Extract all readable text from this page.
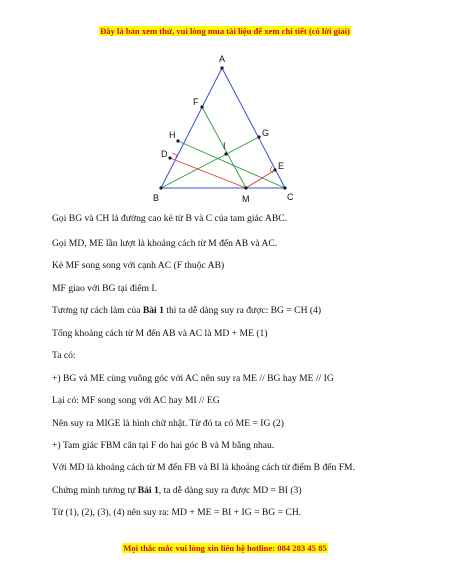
Đây là bản xem thử, vui lòng mua tài liệu để xem chi tiết (có lời giải)
A
B	C
M
F
H	G
D
E
I
Gọi BG và CH là đường cao kẻ từ B và C của tam giác ABC.
Gọi MD, ME lần lượt là khoảng cách từ M đến AB và AC.
Kẻ MF song song với cạnh AC (F thuộc AB)
MF giao với BG tại điểm I.
Tương tự cách làm của Bài 1 thì ta dễ dàng suy ra được: BG = CH (4)
Tổng khoảng cách từ M đến AB và AC là MD + ME (1)
Ta có:
+) BG và ME cùng vuông góc với AC nên suy ra ME // BG hay ME // IG
Lại có: MF song song với AC hay MI // EG
Nên suy ra MIGE là hình chữ nhật. Từ đó ta có ME = IG (2)
+) Tam giác FBM cân tại F do hai góc B và M bằng nhau.
Với MD là khoảng cách từ M đến FB và BI là khoảng cách từ điểm B đến FM.
Chứng minh tương tự Bài 1, ta dễ dàng suy ra được MD = BI (3)
Từ (1), (2), (3), (4) nên suy ra: MD + ME = BI + IG = BG = CH.
Mọi thắc mắc vui lòng xin liên hệ hotline: 084 283 45 85
